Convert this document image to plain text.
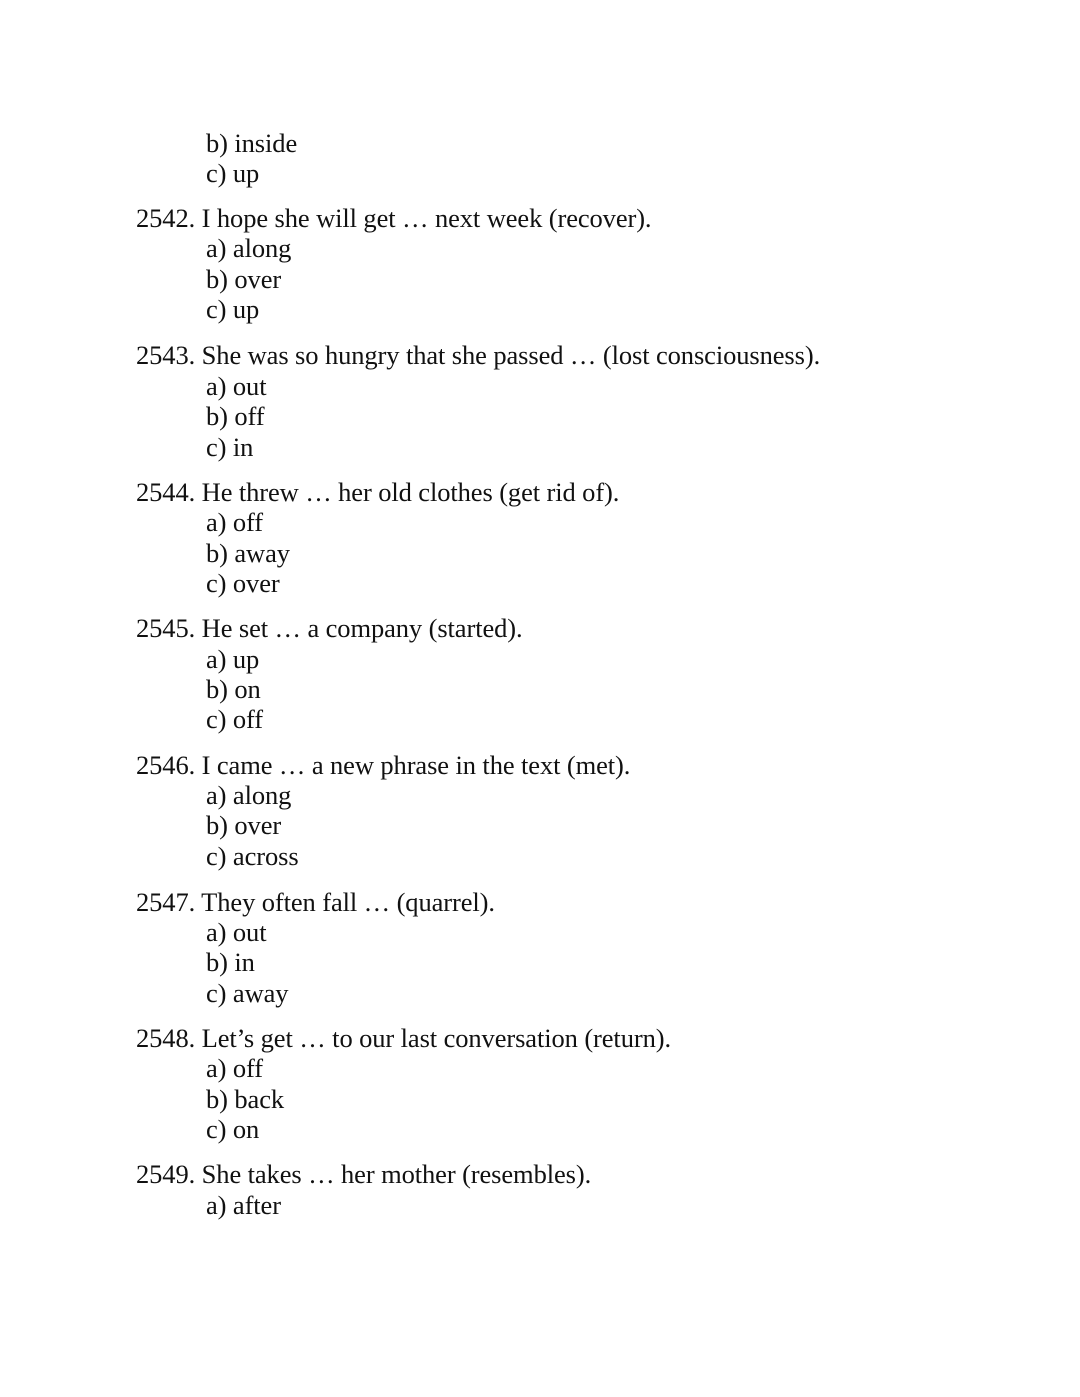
b) inside
c) up
2542. I hope she will get … next week (recover).
a) along
b) over
c) up
2543. She was so hungry that she passed … (lost consciousness).
a) out
b) off
c) in
2544. He threw … her old clothes (get rid of).
a) off
b) away
c) over
2545. He set … a company (started).
a) up
b) on
c) off
2546. I came … a new phrase in the text (met).
a) along
b) over
c) across
2547. They often fall … (quarrel).
a) out
b) in
c) away
2548. Let’s get … to our last conversation (return).
a) off
b) back
c) on
2549. She takes … her mother (resembles).
a) after
